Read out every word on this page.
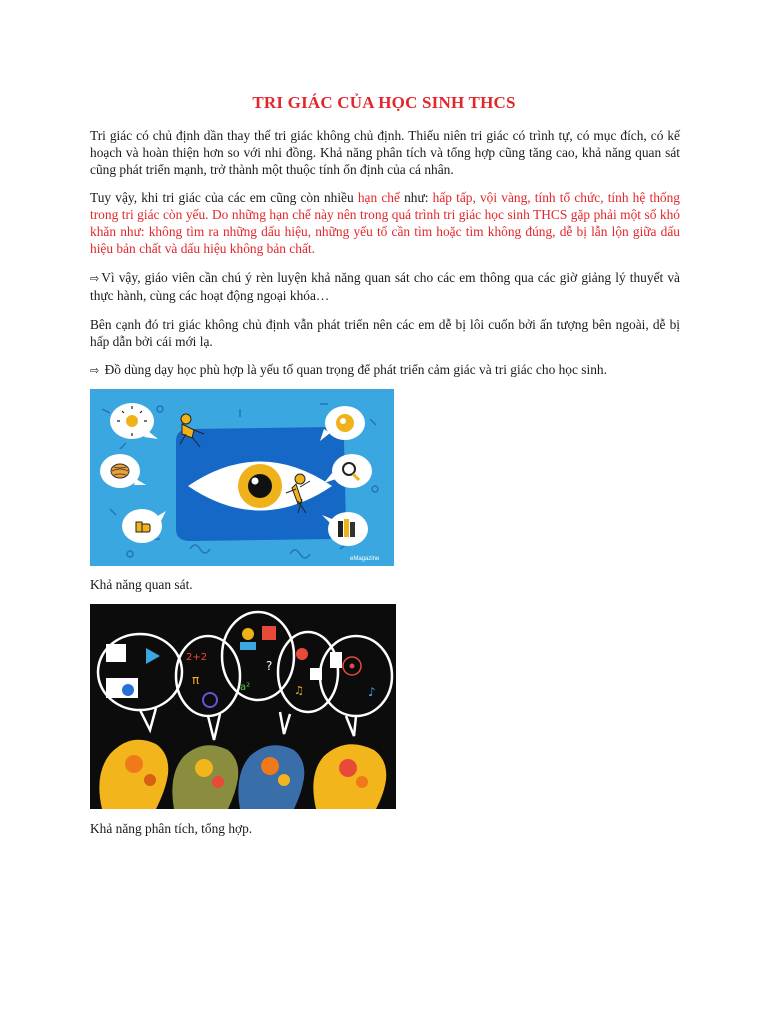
TRI GIÁC CỦA HỌC SINH THCS
Tri giác có chủ định dần thay thế tri giác không chủ định. Thiếu niên tri giác có trình tự, có mục đích, có kế hoạch và hoàn thiện hơn so với nhi đồng. Khả năng phân tích và tổng hợp cũng tăng cao, khả năng quan sát cũng phát triển mạnh, trở thành một thuộc tính ổn định của cá nhân.
Tuy vậy, khi tri giác của các em cũng còn nhiều hạn chế như: hấp tấp, vội vàng, tính tổ chức, tính hệ thống trong tri giác còn yếu. Do những hạn chế này nên trong quá trình tri giác học sinh THCS gặp phải một số khó khăn như: không tìm ra những dấu hiệu, những yếu tố cần tìm hoặc tìm không đúng, dễ bị lẫn lộn giữa dấu hiệu bản chất và dấu hiệu không bản chất.
⇨ Vì vậy, giáo viên cần chú ý rèn luyện khả năng quan sát cho các em thông qua các giờ giảng lý thuyết và thực hành, cùng các hoạt động ngoại khóa…
Bên cạnh đó tri giác không chủ định vẫn phát triển nên các em dễ bị lôi cuốn bởi ấn tượng bên ngoài, dễ bị hấp dẫn bởi cái mới lạ.
⇨ Đồ dùng dạy học phù hợp là yếu tố quan trọng để phát triển cảm giác và tri giác cho học sinh.
eMagazine
Khả năng quan sát.
2+2
π
?
a²	♫	♪
Khả năng phân tích, tổng hợp.
